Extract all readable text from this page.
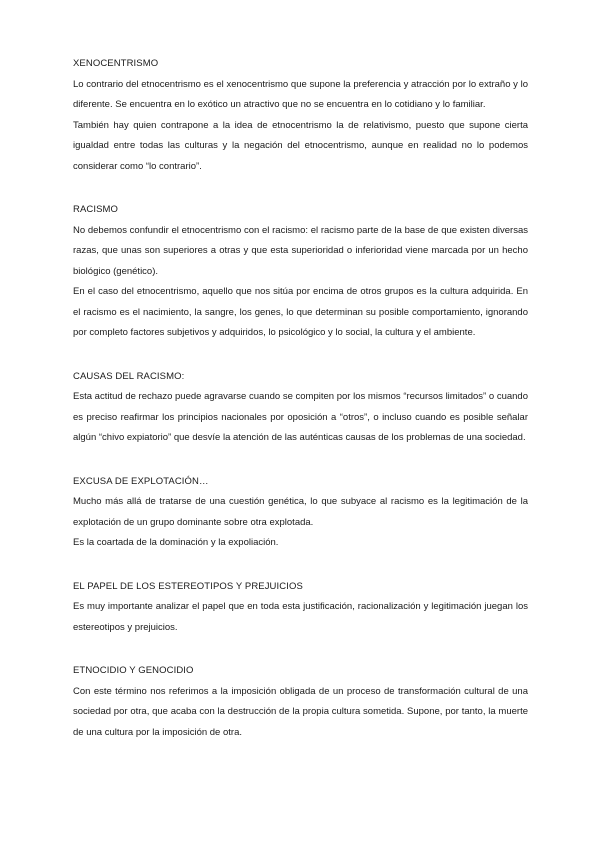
XENOCENTRISMO

Lo contrario del etnocentrismo es el xenocentrismo que supone la preferencia y atracción por lo extraño y lo diferente. Se encuentra en lo exótico un atractivo que no se encuentra en lo cotidiano y lo familiar.

También hay quien contrapone a la idea de etnocentrismo la de relativismo, puesto que supone cierta igualdad entre todas las culturas y la negación del etnocentrismo, aunque en realidad no lo podemos considerar como “lo contrario”.

RACISMO

No debemos confundir el etnocentrismo con el racismo: el racismo parte de la base de que existen diversas razas, que unas son superiores a otras y que esta superioridad o inferioridad viene marcada por un hecho biológico (genético).

En el caso del etnocentrismo, aquello que nos sitúa por encima de otros grupos es la cultura adquirida. En el racismo es el nacimiento, la sangre, los genes, lo que determinan su posible comportamiento, ignorando por completo factores subjetivos y adquiridos, lo psicológico y lo social, la cultura y el ambiente.

CAUSAS DEL RACISMO:

Esta actitud de rechazo puede agravarse cuando se compiten por los mismos “recursos limitados” o cuando es preciso reafirmar los principios nacionales por oposición a “otros”, o incluso cuando es posible señalar algún “chivo expiatorio” que desvíe la atención de las auténticas causas de los problemas de una sociedad.

EXCUSA DE EXPLOTACIÓN…

Mucho más allá de tratarse de una cuestión genética, lo que subyace al racismo es la legitimación de la explotación de un grupo dominante sobre otra explotada.

Es la coartada de la dominación y la expoliación.

EL PAPEL DE LOS ESTEREOTIPOS Y PREJUICIOS

Es muy importante analizar el papel que en toda esta justificación, racionalización y legitimación juegan los estereotipos y prejuicios.

ETNOCIDIO Y GENOCIDIO

Con este término nos referimos a la imposición obligada de un proceso de transformación cultural de una sociedad por otra, que acaba con la destrucción de la propia cultura sometida. Supone, por tanto, la muerte de una cultura por la imposición de otra.
